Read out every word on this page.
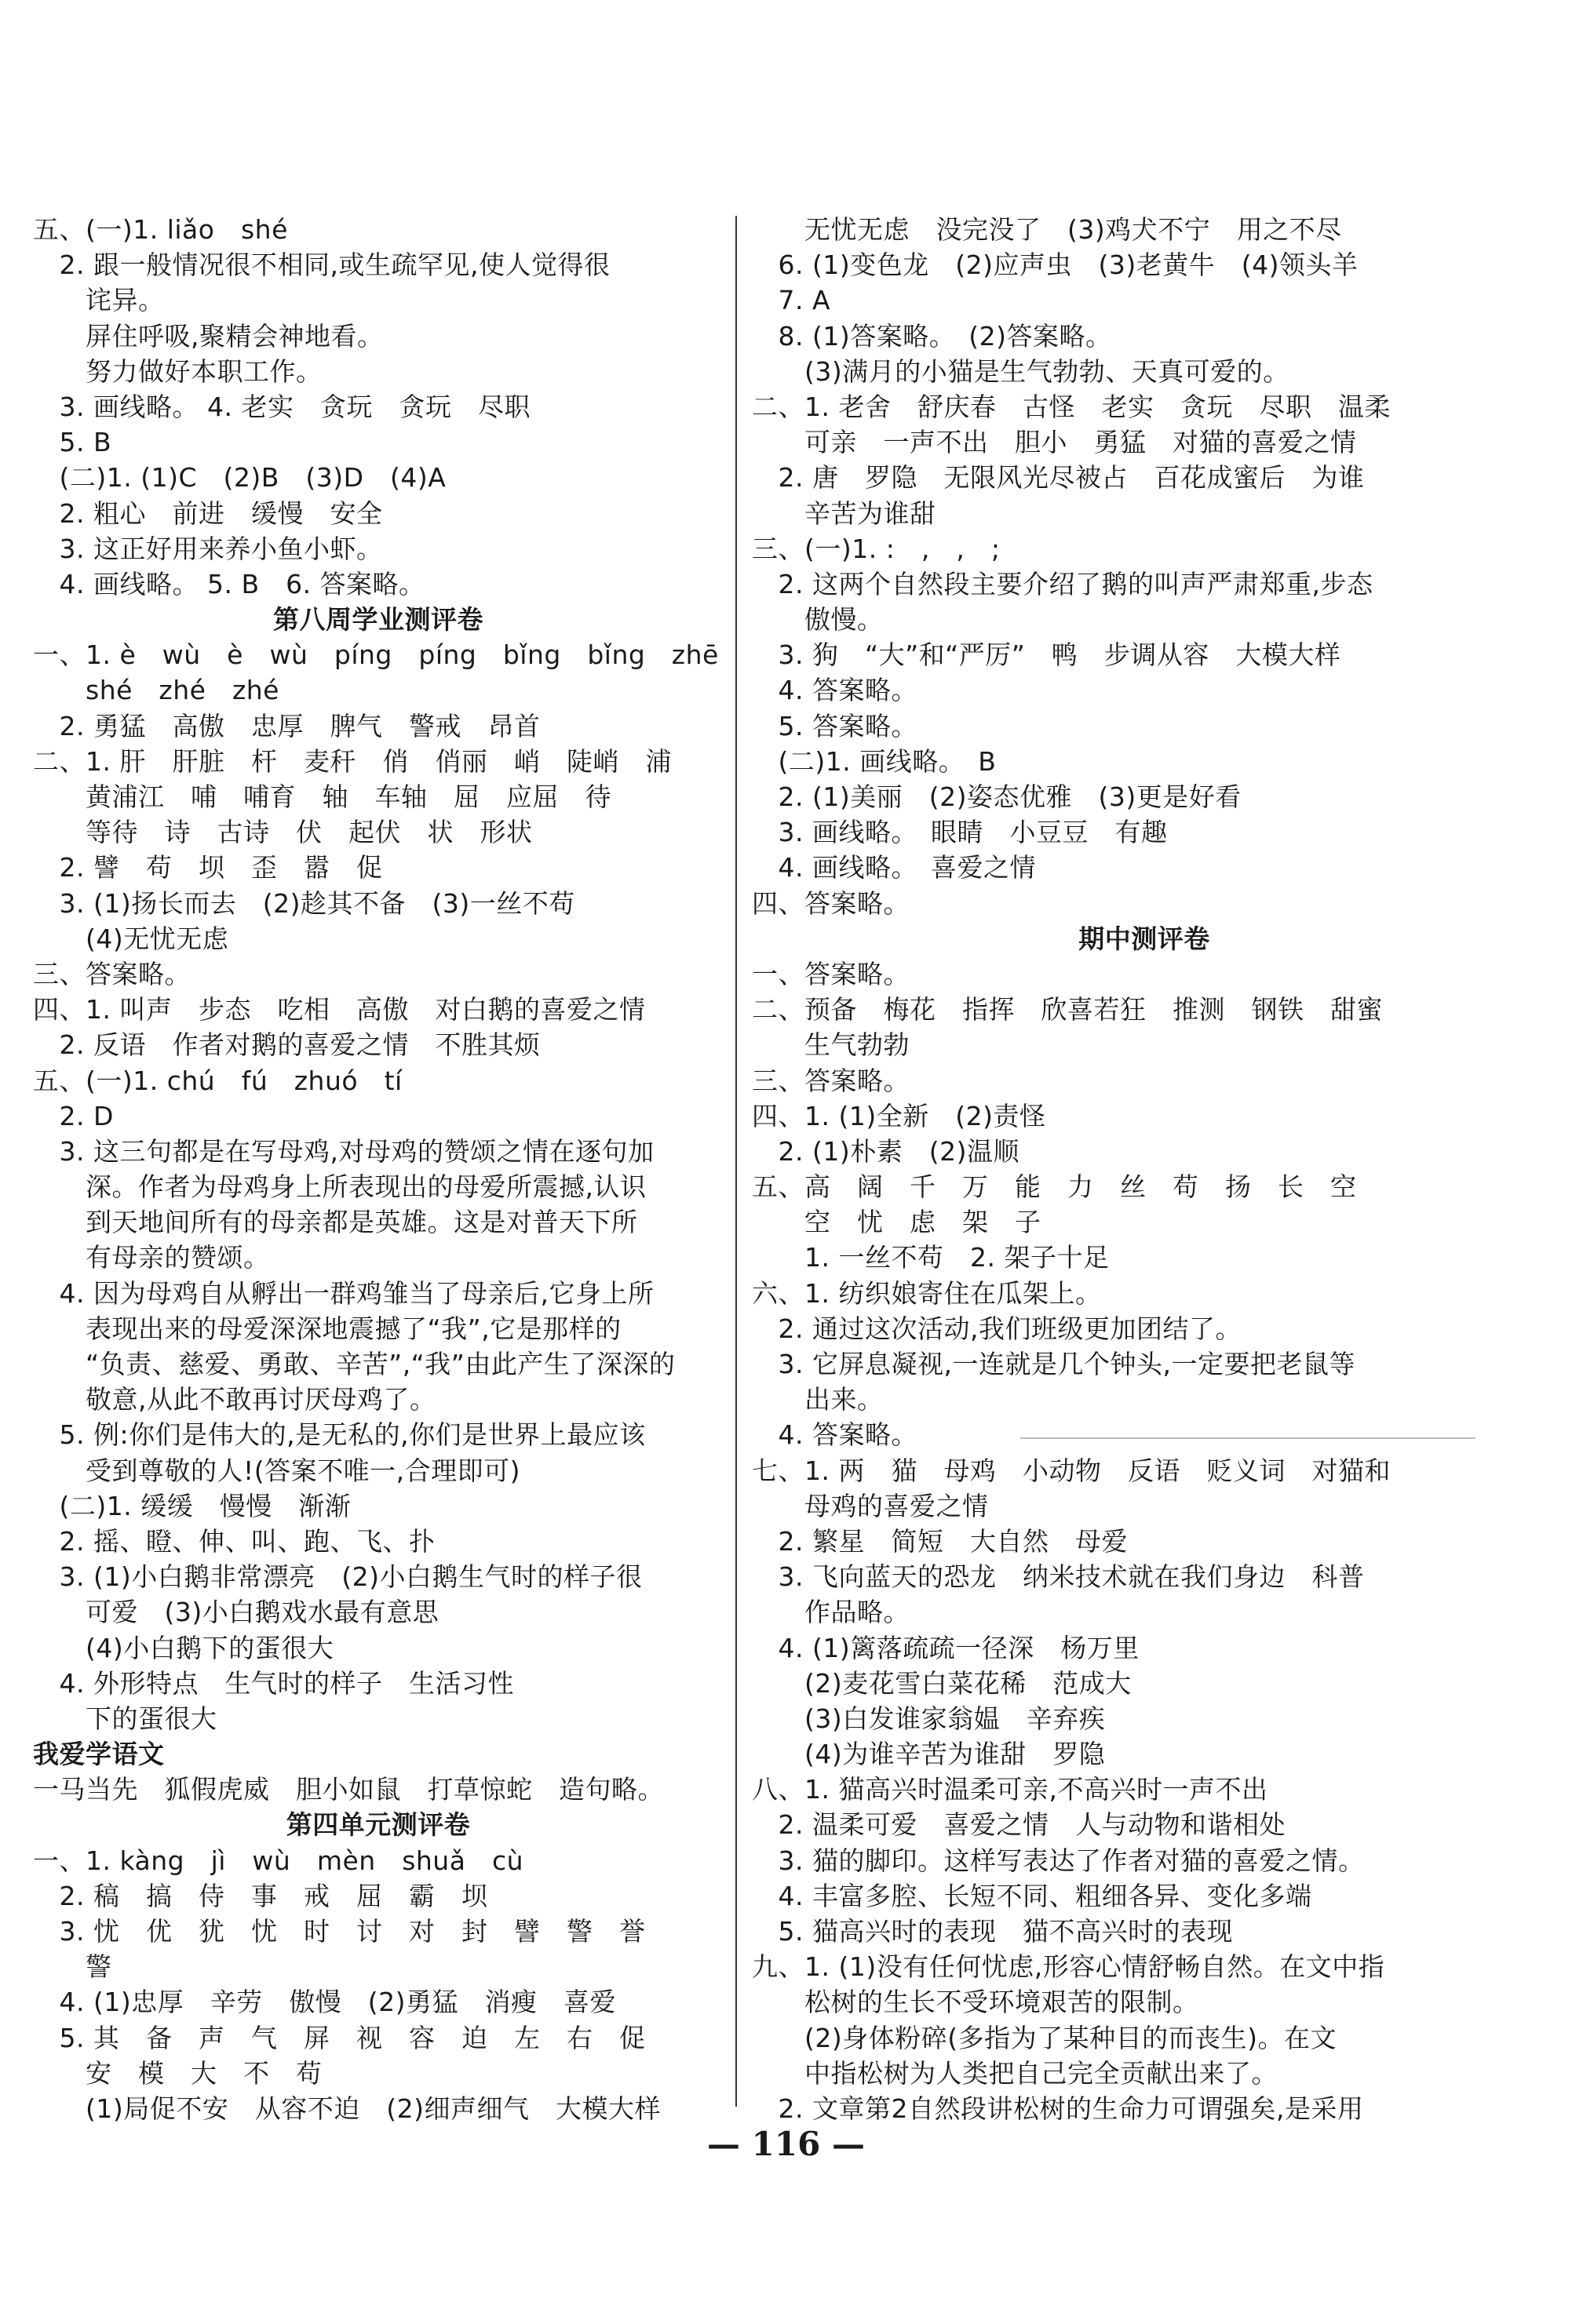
五、(一)1. liǎo　shé
　2. 跟一般情况很不相同,或生疏罕见,使人觉得很
　　诧异。
　　屏住呼吸,聚精会神地看。
　　努力做好本职工作。
　3. 画线略。 4. 老实　贪玩　贪玩　尽职
　5. B
　(二)1. (1)C　(2)B　(3)D　(4)A
　2. 粗心　前进　缓慢　安全
　3. 这正好用来养小鱼小虾。
　4. 画线略。 5. B　6. 答案略。
第八周学业测评卷
一、1. è　wù　è　wù　píng　píng　bǐng　bǐng　zhē
　　shé　zhé　zhé
　2. 勇猛　高傲　忠厚　脾气　警戒　昂首
二、1. 肝　肝脏　杆　麦秆　俏　俏丽　峭　陡峭　浦
　　黄浦江　哺　哺育　轴　车轴　屈　应屈　待
　　等待　诗　古诗　伏　起伏　状　形状
　2. 譬　苟　坝　歪　嚣　促
　3. (1)扬长而去　(2)趁其不备　(3)一丝不苟
　　(4)无忧无虑
三、答案略。
四、1. 叫声　步态　吃相　高傲　对白鹅的喜爱之情
　2. 反语　作者对鹅的喜爱之情　不胜其烦
五、(一)1. chú　fú　zhuó　tí
　2. D
　3. 这三句都是在写母鸡,对母鸡的赞颂之情在逐句加
　　深。作者为母鸡身上所表现出的母爱所震撼,认识
　　到天地间所有的母亲都是英雄。这是对普天下所
　　有母亲的赞颂。
　4. 因为母鸡自从孵出一群鸡雏当了母亲后,它身上所
　　表现出来的母爱深深地震撼了“我”,它是那样的
　　“负责、慈爱、勇敢、辛苦”,“我”由此产生了深深的
　　敬意,从此不敢再讨厌母鸡了。
　5. 例:你们是伟大的,是无私的,你们是世界上最应该
　　受到尊敬的人!(答案不唯一,合理即可)
　(二)1. 缓缓　慢慢　渐渐
　2. 摇、瞪、伸、叫、跑、飞、扑
　3. (1)小白鹅非常漂亮　(2)小白鹅生气时的样子很
　　可爱　(3)小白鹅戏水最有意思
　　(4)小白鹅下的蛋很大
　4. 外形特点　生气时的样子　生活习性
　　下的蛋很大
我爱学语文
一马当先　狐假虎威　胆小如鼠　打草惊蛇　造句略。
第四单元测评卷
一、1. kàng　jì　wù　mèn　shuǎ　cù
　2. 稿　搞　侍　事　戒　屈　霸　坝
　3. 忧　优　犹　忧　时　讨　对　封　譬　警　誉
　　警
　4. (1)忠厚　辛劳　傲慢　(2)勇猛　消瘦　喜爱
　5. 其　备　声　气　屏　视　容　迫　左　右　促
　　安　模　大　不　苟
　　(1)局促不安　从容不迫　(2)细声细气　大模大样
　　无忧无虑　没完没了　(3)鸡犬不宁　用之不尽
　6. (1)变色龙　(2)应声虫　(3)老黄牛　(4)领头羊
　7. A
　8. (1)答案略。　(2)答案略。
　　(3)满月的小猫是生气勃勃、天真可爱的。
二、1. 老舍　舒庆春　古怪　老实　贪玩　尽职　温柔
　　可亲　一声不出　胆小　勇猛　对猫的喜爱之情
　2. 唐　罗隐　无限风光尽被占　百花成蜜后　为谁
　　辛苦为谁甜
三、(一)1. :　,　,　;
　2. 这两个自然段主要介绍了鹅的叫声严肃郑重,步态
　　傲慢。
　3. 狗　“大”和“严厉”　鸭　步调从容　大模大样
　4. 答案略。
　5. 答案略。
　(二)1. 画线略。　B
　2. (1)美丽　(2)姿态优雅　(3)更是好看
　3. 画线略。　眼睛　小豆豆　有趣
　4. 画线略。　喜爱之情
四、答案略。
期中测评卷
一、答案略。
二、预备　梅花　指挥　欣喜若狂　推测　钢铁　甜蜜
　　生气勃勃
三、答案略。
四、1. (1)全新　(2)责怪
　2. (1)朴素　(2)温顺
五、高　阔　千　万　能　力　丝　苟　扬　长　空
　　空　忧　虑　架　子
　　1. 一丝不苟　2. 架子十足
六、1. 纺织娘寄住在瓜架上。
　2. 通过这次活动,我们班级更加团结了。
　3. 它屏息凝视,一连就是几个钟头,一定要把老鼠等
　　出来。
　4. 答案略。
七、1. 两　猫　母鸡　小动物　反语　贬义词　对猫和
　　母鸡的喜爱之情
　2. 繁星　简短　大自然　母爱
　3. 飞向蓝天的恐龙　纳米技术就在我们身边　科普
　　作品略。
　4. (1)篱落疏疏一径深　杨万里
　　(2)麦花雪白菜花稀　范成大
　　(3)白发谁家翁媪　辛弃疾
　　(4)为谁辛苦为谁甜　罗隐
八、1. 猫高兴时温柔可亲,不高兴时一声不出
　2. 温柔可爱　喜爱之情　人与动物和谐相处
　3. 猫的脚印。这样写表达了作者对猫的喜爱之情。
　4. 丰富多腔、长短不同、粗细各异、变化多端
　5. 猫高兴时的表现　猫不高兴时的表现
九、1. (1)没有任何忧虑,形容心情舒畅自然。在文中指
　　松树的生长不受环境艰苦的限制。
　　(2)身体粉碎(多指为了某种目的而丧生)。在文
　　中指松树为人类把自己完全贡献出来了。
　2. 文章第2自然段讲松树的生命力可谓强矣,是采用
— 116 —
